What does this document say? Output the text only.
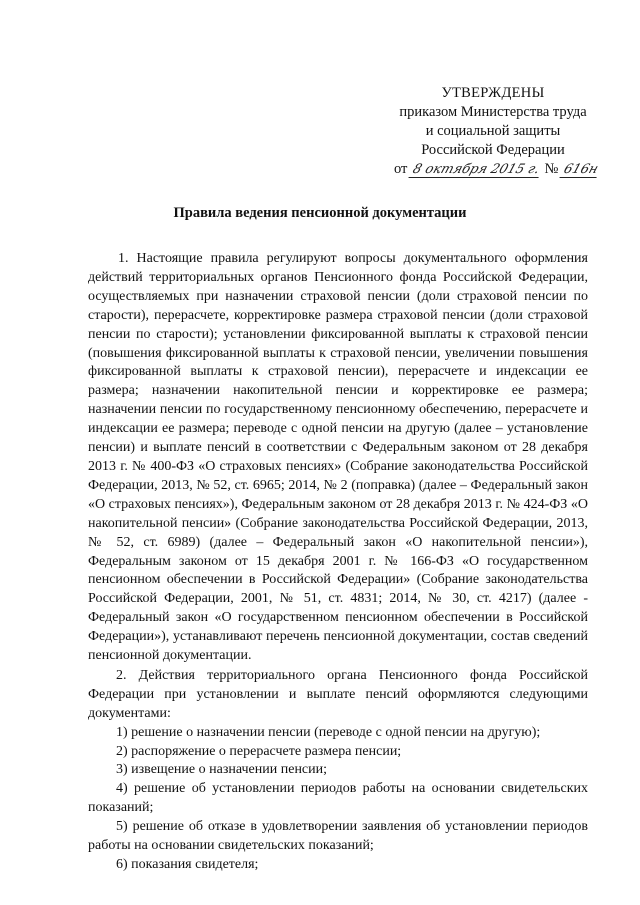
УТВЕРЖДЕНЫ
приказом Министерства труда
и социальной защиты
Российской Федерации
от 8 октября 2015 г. № 616н
Правила ведения пенсионной документации

1. Настоящие правила регулируют вопросы документального оформления действий территориальных органов Пенсионного фонда Российской Федерации, осуществляемых при назначении страховой пенсии (доли страховой пенсии по старости), перерасчете, корректировке размера страховой пенсии (доли страховой пенсии по старости); установлении фиксированной выплаты к страховой пенсии (повышения фиксированной выплаты к страховой пенсии, увеличении повышения фиксированной выплаты к страховой пенсии), перерасчете и индексации ее размера; назначении накопительной пенсии и корректировке ее размера; назначении пенсии по государственному пенсионному обеспечению, перерасчете и индексации ее размера; переводе с одной пенсии на другую (далее – установление пенсии) и выплате пенсий в соответствии с Федеральным законом от 28 декабря 2013 г. № 400-ФЗ «О страховых пенсиях» (Собрание законодательства Российской Федерации, 2013, № 52, ст. 6965; 2014, № 2 (поправка) (далее – Федеральный закон «О страховых пенсиях»), Федеральным законом от 28 декабря 2013 г. № 424-ФЗ «О накопительной пенсии» (Собрание законодательства Российской Федерации, 2013, № 52, ст. 6989) (далее – Федеральный закон «О накопительной пенсии»), Федеральным законом от 15 декабря 2001 г. № 166-ФЗ «О государственном пенсионном обеспечении в Российской Федерации» (Собрание законодательства Российской Федерации, 2001, № 51, ст. 4831; 2014, № 30, ст. 4217) (далее - Федеральный закон «О государственном пенсионном обеспечении в Российской Федерации»), устанавливают перечень пенсионной документации, состав сведений пенсионной документации.

2. Действия территориального органа Пенсионного фонда Российской Федерации при установлении и выплате пенсий оформляются следующими документами:

1) решение о назначении пенсии (переводе с одной пенсии на другую);

2) распоряжение о перерасчете размера пенсии;

3) извещение о назначении пенсии;

4) решение об установлении периодов работы на основании свидетельских показаний;

5) решение об отказе в удовлетворении заявления об установлении периодов работы на основании свидетельских показаний;

6) показания свидетеля;
